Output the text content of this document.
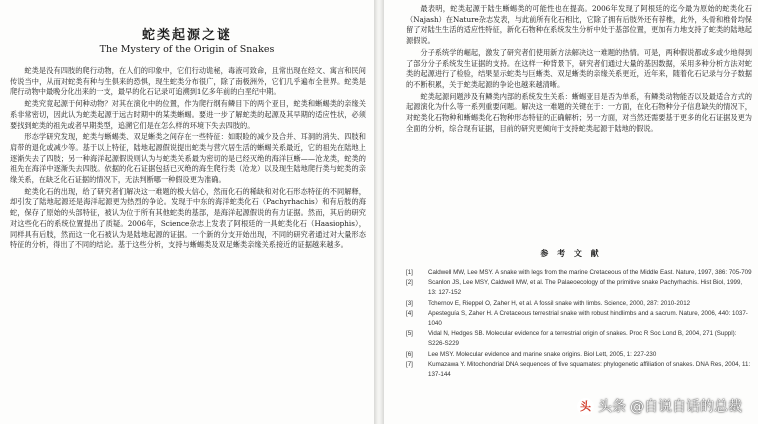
蛇类起源之谜
The Mystery of the Origin of Snakes

蛇类是没有四肢的爬行动物，在人们的印象中，它们行动诡秘，毒液可致命，且常出现在经文、寓言和民间传说当中，从而对蛇类有种与生俱来的恐惧，现生蛇类分布很广，除了南极洲外，它们几乎遍布全世界。蛇类是爬行动物中最晚分化出来的一支，最早的化石记录可追溯到1亿多年前的白垩纪中期。

蛇类究竟起源于何种动物？对其在演化中的位置，作为爬行纲有鳞目下的两个亚目，蛇类和蜥蜴类的亲缘关系非常密切，因此认为蛇类起源于远古时期中的某类蜥蜴。要进一步了解蛇类的起源及其早期的适应性状，必须要找到蛇类的祖先或者早期类型，追溯它们是在怎么样的环境下失去四肢的。

形态学研究发现，蛇类与蜥蜴类、双足蜥类之间存在一些特征：如眼睑的减少及合并、耳洞的消失、四肢和肩带的退化或减少等。基于以上特征，陆地起源假说提出蛇类与营穴居生活的蜥蜴关系最近，它的祖先在陆地上逐渐失去了四肢；另一种海洋起源假说则认为与蛇类关系最为密切的是已经灭绝的海洋巨蜥——沧龙类，蛇类的祖先在海洋中逐渐失去四肢。依据的化石证据包括已灭绝的海生爬行类（沧龙）以及现生陆地爬行类与蛇类的亲缘关系，在缺乏化石证据的情况下，无法判断哪一种假设更为准确。

蛇类化石的出现，给了研究者们解决这一难题的极大信心，然而化石的稀缺和对化石形态特征的不同解释，却引发了陆地起源还是海洋起源更为热烈的争论。发现于中东的海洋蛇类化石（Pachyrhachis）和有后肢的海蛇，保存了原始的头部特征，被认为位于所有其他蛇类的基部，是海洋起源假说的有力证据。然而，其后的研究对这些化石的系统位置提出了质疑。2006年，Science杂志上发表了阿根廷的一具蛇类化石（Haasiophis），同样具有后肢，然而这一化石被认为是陆地起源的证据。一个新的分支开始出现，不同的研究者通过对大量形态特征的分析，得出了不同的结论。基于这些分析，支持与蜥蜴类及双足蜥类亲缘关系接近的证据越来越多。

最表明，蛇类起源于陆生蜥蜴类的可能性也在提高。2006年发现了阿根廷的迄今最为原始的蛇类化石（Najash）在Nature杂志发表，与此前所有化石相比，它除了拥有后肢外还有荐椎，此外，头骨和椎骨均保留了对陆生生活的适应性特征，新化石物种在系统发生分析中处于基部位置，更加有力地支持了蛇类的陆地起源假说。

分子系统学的崛起，激发了研究者们使用新方法解决这一难题的热情。可是，两种假说都或多或少地得到了部分分子系统发生证据的支持。在这样一种背景下，研究者们通过大量的基因数据，采用多种分析方法对蛇类的起源进行了检验，结果显示蛇类与巨蜥类、双足蜥类的亲缘关系更近，近年来，随着化石记录与分子数据的不断积累，关于蛇类起源的争论也越来越清晰。

蛇类起源问题涉及有鳞类内部的系统发生关系：蜥蜴亚目是否为单系，有鳞类动物能否以及最适合方式的起源演化为什么等一系列重要问题。解决这一难题的关键在于：一方面，在化石物种分子信息缺失的情况下，对蛇类化石物种和蜥蜴类化石物种形态特征的正确解析；另一方面，对当然还需要基于更多的化石证据及更为全面的分析，综合现有证据，目前的研究更倾向于支持蛇类起源于陆地的假说。

参 考 文 献
[1]	Caldwell MW, Lee MSY. A snake with legs from the marine Cretaceous of the Middle East. Nature, 1997, 386: 705-709
[2]	Scanlon JS, Lee MSY, Caldwell MW, et al. The Palaeoecology of the primitive snake Pachyrhachis. Hist Biol, 1999, 13: 127-152
[3]	Tchernov E, Rieppel O, Zaher H, et al. A fossil snake with limbs. Science, 2000, 287: 2010-2012
[4]	Apesteguía S, Zaher H. A Cretaceous terrestrial snake with robust hindlimbs and a sacrum. Nature, 2006, 440: 1037-1040
[5]	Vidal N, Hedges SB. Molecular evidence for a terrestrial origin of snakes. Proc R Soc Lond B, 2004, 271 (Suppl): S226-S229
[6]	Lee MSY. Molecular evidence and marine snake origins. Biol Lett, 2005, 1: 227-230
[7]	Kumazawa Y. Mitochondrial DNA sequences of five squamates: phylogenetic affiliation of snakes. DNA Res, 2004, 11: 137-144
头 头条 @自说自话的总裁
